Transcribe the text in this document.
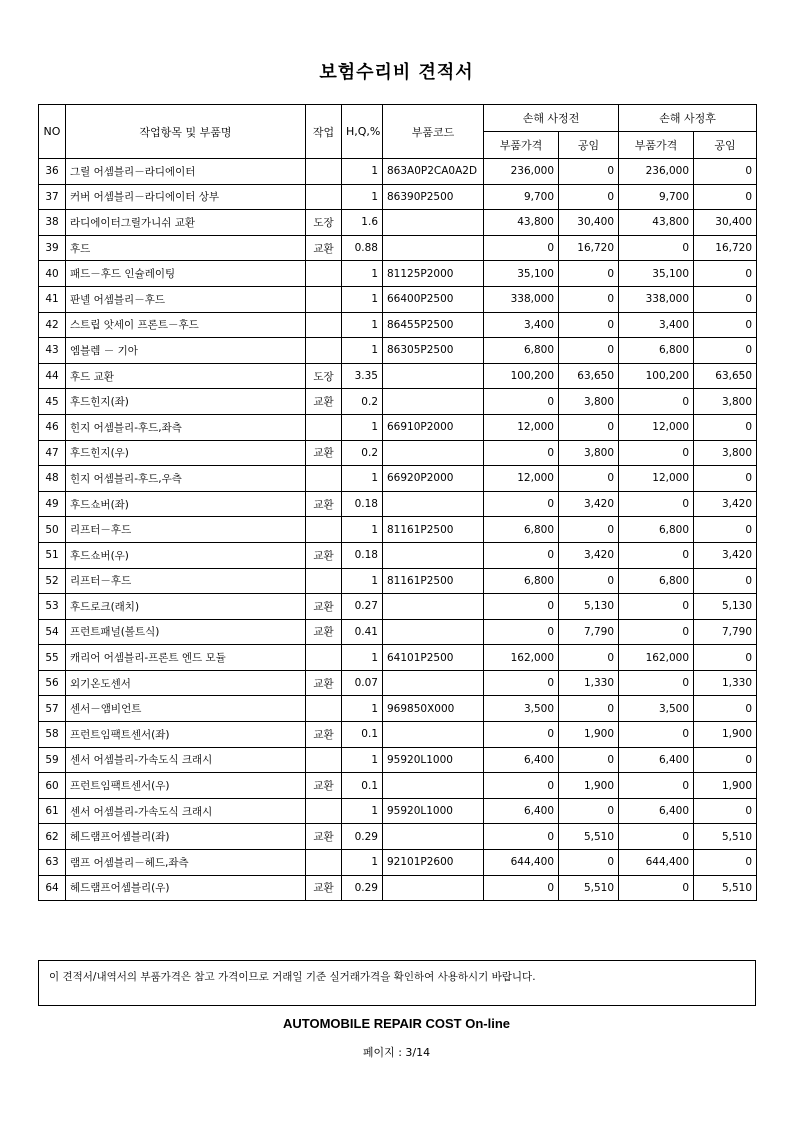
보험수리비 견적서
NO	작업항목 및 부품명	작업	H,Q,%	부품코드	손해 사정전		손해 사정후	
					부품가격	공임	부품가격	공임
36	그릴 어셈블리－라디에이터		1	863A0P2CA0A2D	236,000	0	236,000	0
37	커버 어셈블리－라디에이터 상부		1	86390P2500	9,700	0	9,700	0
38	라디에이터그릴가니쉬 교환	도장	1.6		43,800	30,400	43,800	30,400
39	후드	교환	0.88		0	16,720	0	16,720
40	패드－후드 인슐레이팅		1	81125P2000	35,100	0	35,100	0
41	판넬 어셈블리－후드		1	66400P2500	338,000	0	338,000	0
42	스트립 앗세이 프론트－후드		1	86455P2500	3,400	0	3,400	0
43	엠블렘 － 기아		1	86305P2500	6,800	0	6,800	0
44	후드 교환	도장	3.35		100,200	63,650	100,200	63,650
45	후드힌지(좌)	교환	0.2		0	3,800	0	3,800
46	힌지 어셈블리-후드,좌측		1	66910P2000	12,000	0	12,000	0
47	후드힌지(우)	교환	0.2		0	3,800	0	3,800
48	힌지 어셈블리-후드,우측		1	66920P2000	12,000	0	12,000	0
49	후드쇼버(좌)	교환	0.18		0	3,420	0	3,420
50	리프터－후드		1	81161P2500	6,800	0	6,800	0
51	후드쇼버(우)	교환	0.18		0	3,420	0	3,420
52	리프터－후드		1	81161P2500	6,800	0	6,800	0
53	후드로크(래치)	교환	0.27		0	5,130	0	5,130
54	프런트패널(볼트식)	교환	0.41		0	7,790	0	7,790
55	캐리어 어셈블리-프론트 엔드 모듈		1	64101P2500	162,000	0	162,000	0
56	외기온도센서	교환	0.07		0	1,330	0	1,330
57	센서－앰비언트		1	969850X000	3,500	0	3,500	0
58	프런트임팩트센서(좌)	교환	0.1		0	1,900	0	1,900
59	센서 어셈블리-가속도식 크래시		1	95920L1000	6,400	0	6,400	0
60	프런트임팩트센서(우)	교환	0.1		0	1,900	0	1,900
61	센서 어셈블리-가속도식 크래시		1	95920L1000	6,400	0	6,400	0
62	헤드램프어셈블리(좌)	교환	0.29		0	5,510	0	5,510
63	램프 어셈블리－헤드,좌측		1	92101P2600	644,400	0	644,400	0
64	헤드램프어셈블리(우)	교환	0.29		0	5,510	0	5,510
이 견적서/내역서의 부품가격은 참고 가격이므로 거래일 기준 실거래가격을 확인하여 사용하시기 바랍니다.
AUTOMOBILE REPAIR COST On-line
페이지 : 3/14
